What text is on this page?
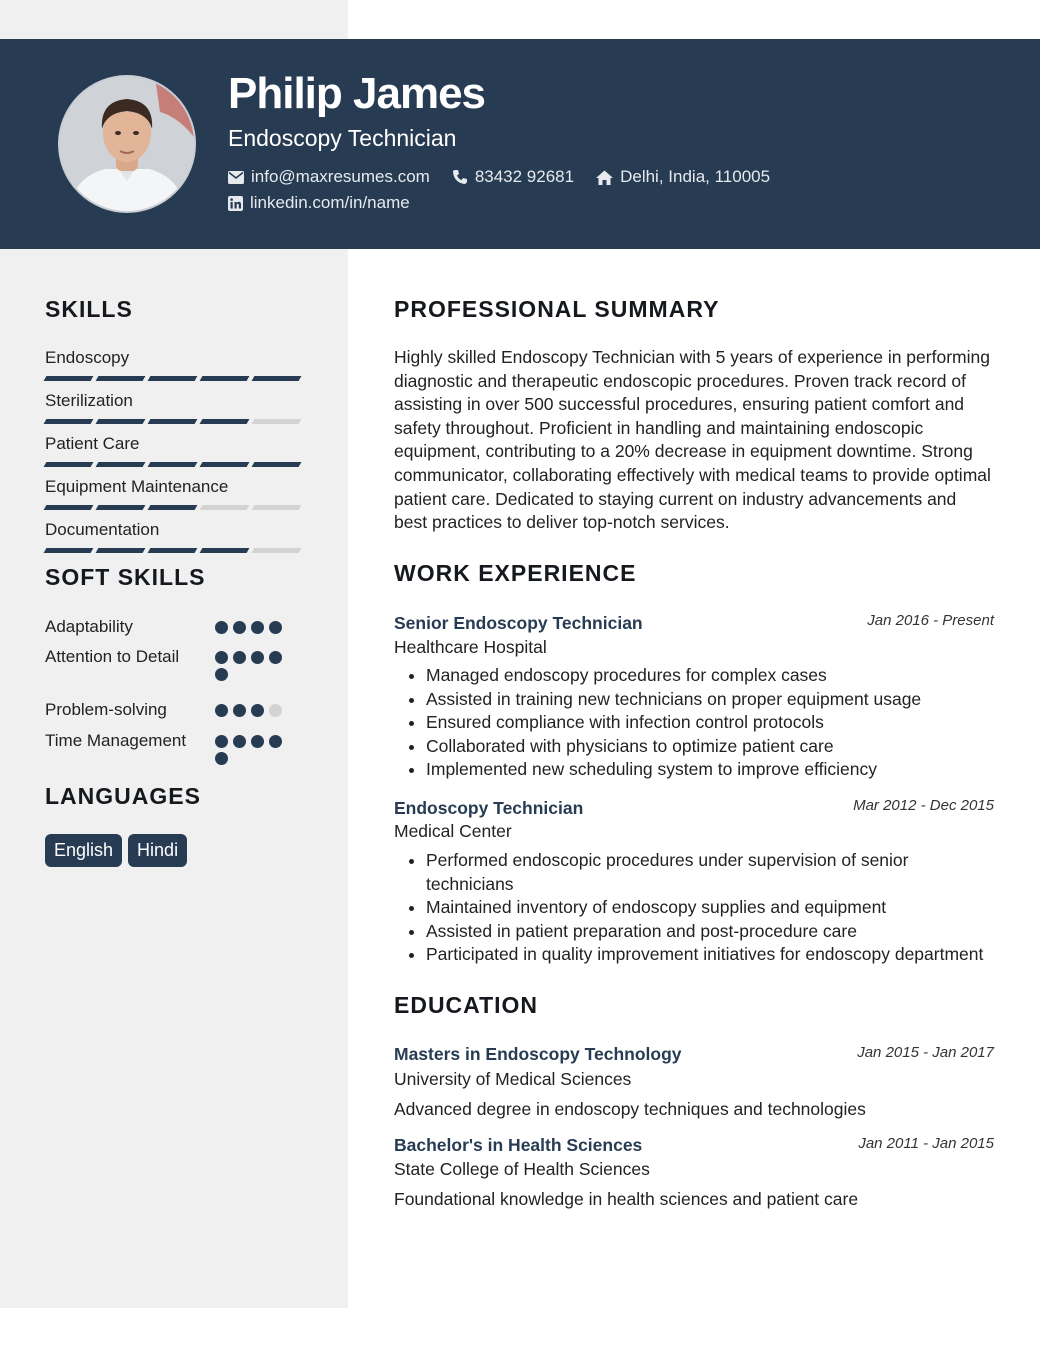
Philip James
Endoscopy Technician
info@maxresumes.com	83432 92681	Delhi, India, 110005
linkedin.com/in/name
SKILLS
Endoscopy
Sterilization
Patient Care
Equipment Maintenance
Documentation
SOFT SKILLS
Adaptability
Attention to Detail
Problem-solving
Time Management
LANGUAGES
English	Hindi
PROFESSIONAL SUMMARY

Highly skilled Endoscopy Technician with 5 years of experience in performing diagnostic and therapeutic endoscopic procedures. Proven track record of assisting in over 500 successful procedures, ensuring patient comfort and safety throughout. Proficient in handling and maintaining endoscopic equipment, contributing to a 20% decrease in equipment downtime. Strong communicator, collaborating effectively with medical teams to provide optimal patient care. Dedicated to staying current on industry advancements and best practices to deliver top-notch services.

WORK EXPERIENCE
Senior Endoscopy Technician	Jan 2016 - Present
Healthcare Hospital
• Managed endoscopy procedures for complex cases
• Assisted in training new technicians on proper equipment usage
• Ensured compliance with infection control protocols
• Collaborated with physicians to optimize patient care
• Implemented new scheduling system to improve efficiency
Endoscopy Technician	Mar 2012 - Dec 2015
Medical Center
• Performed endoscopic procedures under supervision of senior technicians
• Maintained inventory of endoscopy supplies and equipment
• Assisted in patient preparation and post-procedure care
• Participated in quality improvement initiatives for endoscopy department
EDUCATION
Masters in Endoscopy Technology	Jan 2015 - Jan 2017
University of Medical Sciences
Advanced degree in endoscopy techniques and technologies
Bachelor's in Health Sciences	Jan 2011 - Jan 2015
State College of Health Sciences
Foundational knowledge in health sciences and patient care
